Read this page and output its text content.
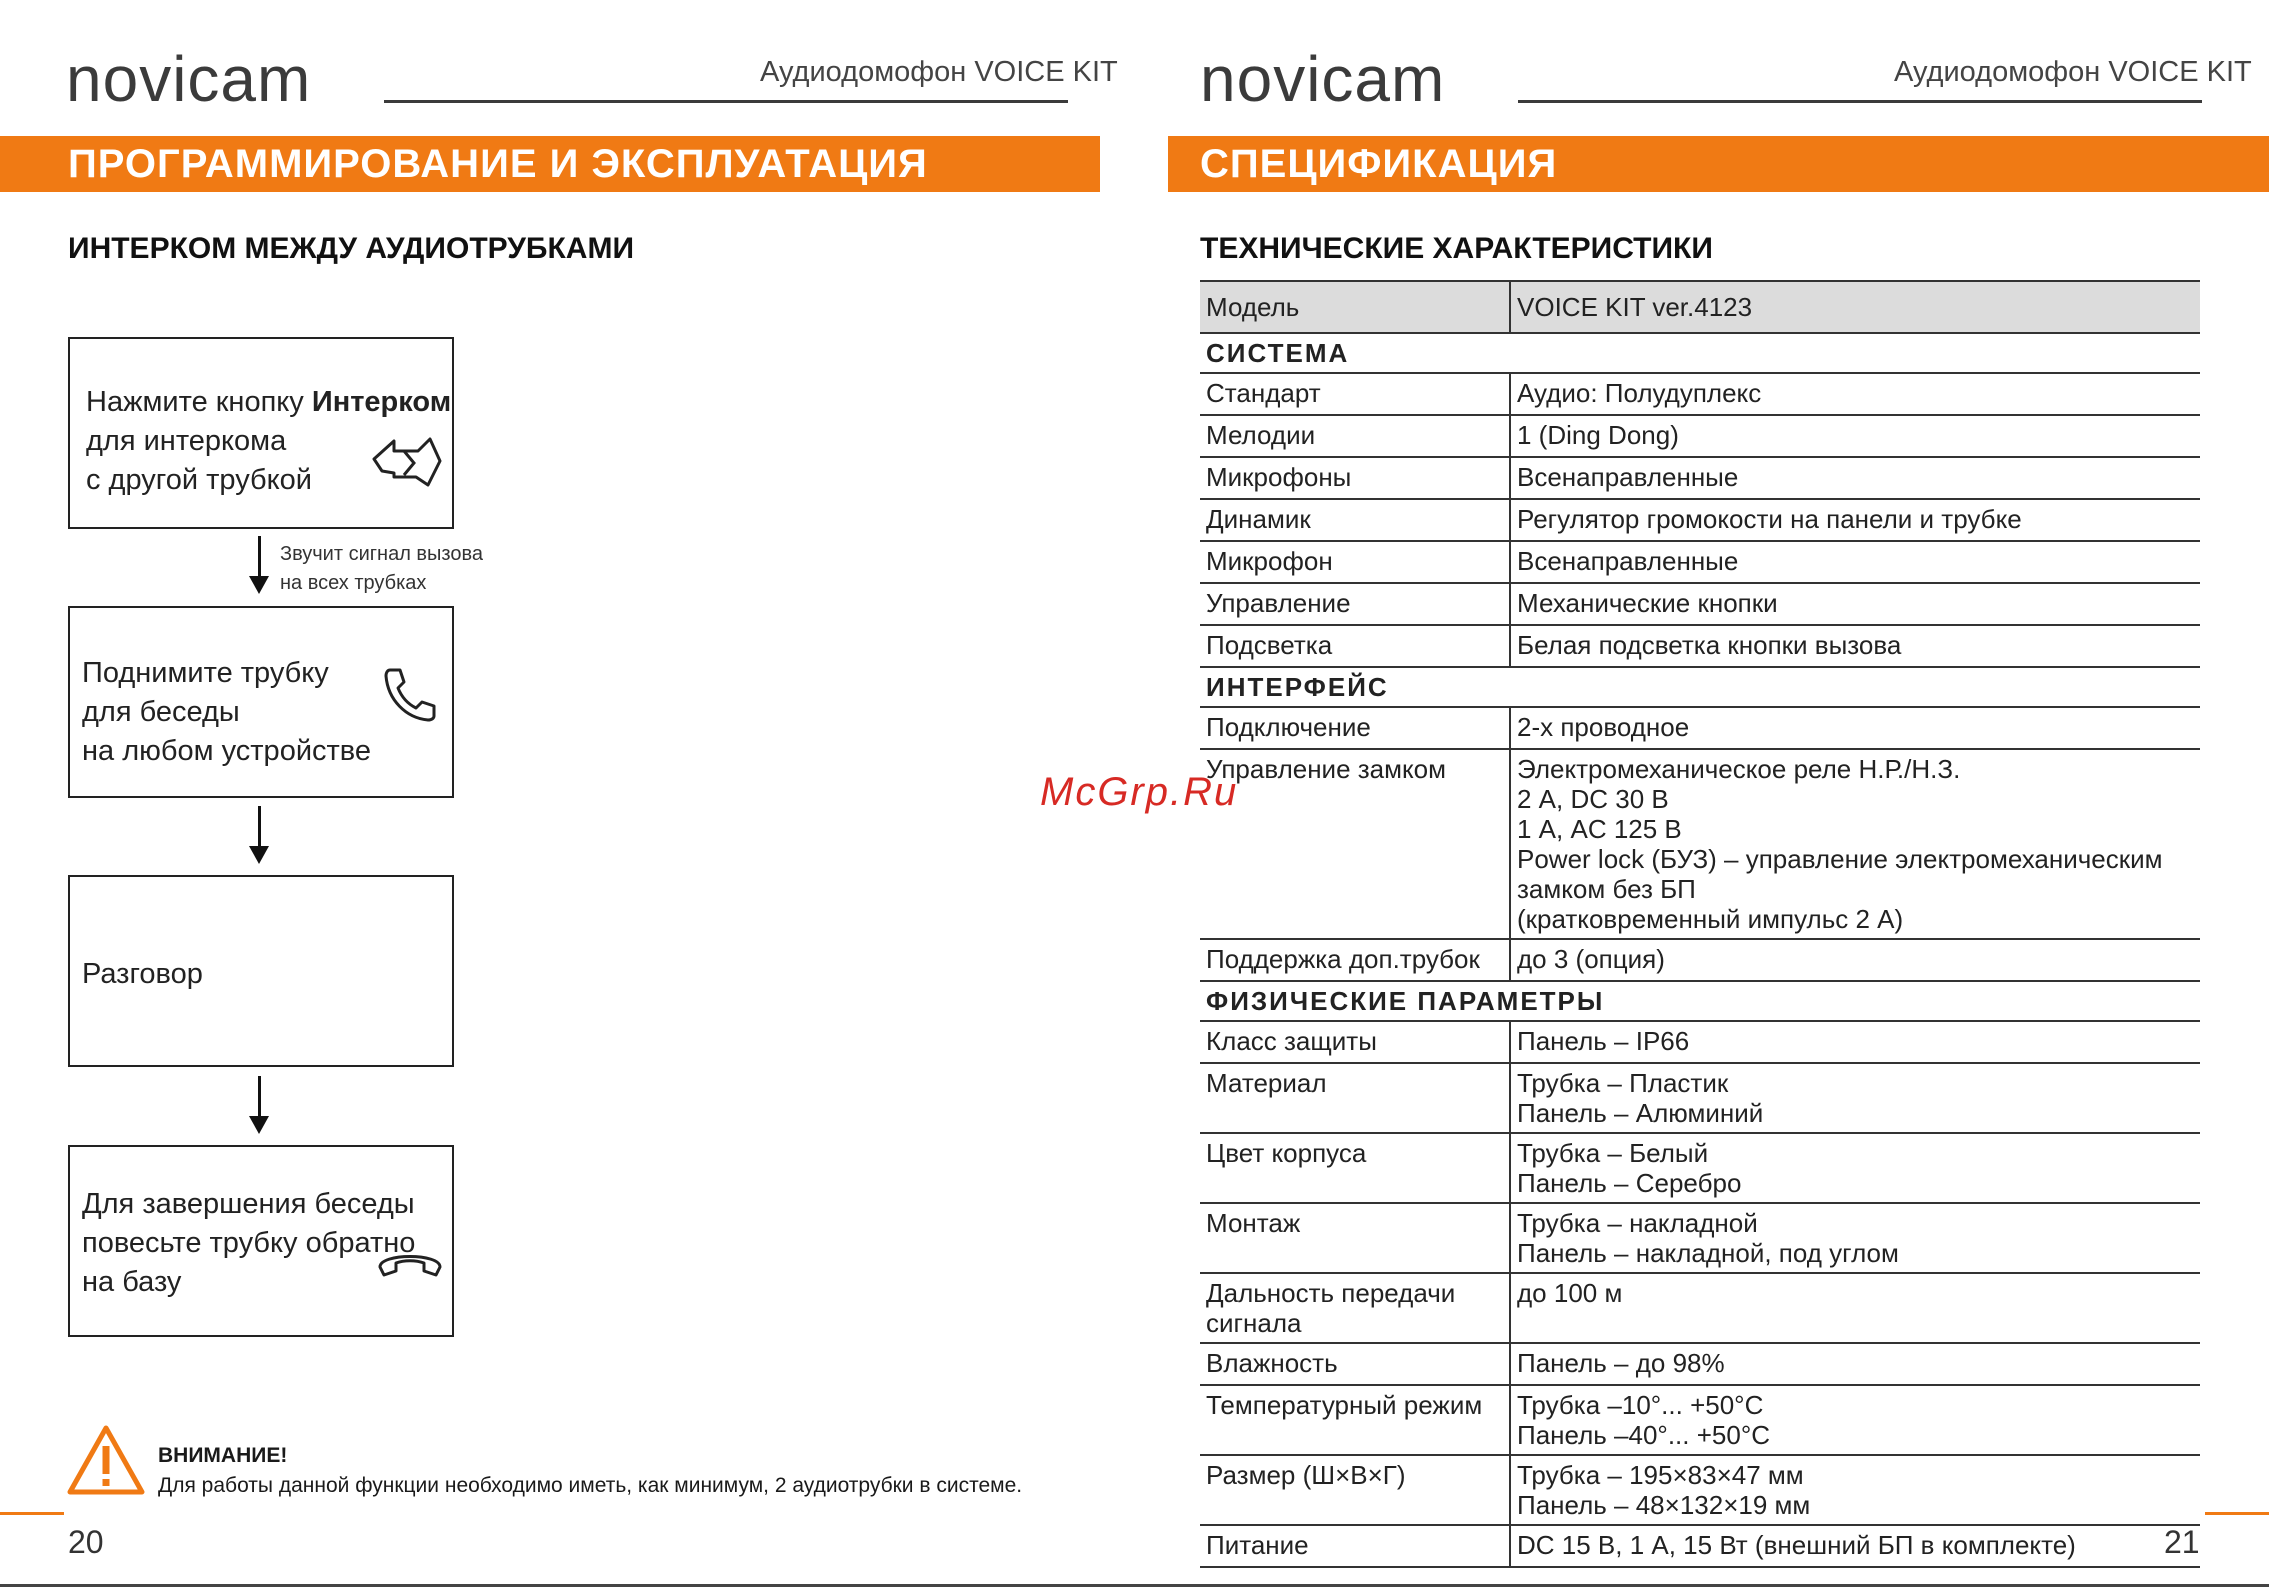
novicam	Аудиодомофон VOICE KIT
ПРОГРАММИРОВАНИЕ И ЭКСПЛУАТАЦИЯ
ИНТЕРКОМ МЕЖДУ АУДИОТРУБКАМИ
Нажмите кнопку Интерком
для интеркома
с другой трубкой
Звучит сигнал вызова
на всех трубках
Поднимите трубку
для беседы
на любом устройстве
Разговор
Для завершения беседы
повесьте трубку обратно
на базу
ВНИМАНИЕ!
Для работы данной функции необходимо иметь, как минимум, 2 аудиотрубки в системе.
20
novicam	Аудиодомофон VOICE KIT
СПЕЦИФИКАЦИЯ
ТЕХНИЧЕСКИЕ ХАРАКТЕРИСТИКИ
21
Модель	VOICE KIT ver.4123
СИСТЕМА	
Стандарт	Аудио: Полудуплекс

Мелодии	1 (Ding Dong)

Микрофоны	Всенаправленные

Динамик	Регулятор громокости на панели и трубке

Микрофон	Всенаправленные

Управление	Механические кнопки

Подсветка	Белая подсветка кнопки вызова

ИНТЕРФЕЙС	
Подключение	2-х проводное

Управление замком	Электромеханическое реле Н.Р./Н.З.
2 А, DC 30 В
1 А, AC 125 В
Power lock (БУЗ) – управление электромеханическим замком без БП
(кратковременный импульс 2 А)

Поддержка доп.трубок	до 3 (опция)

ФИЗИЧЕСКИЕ ПАРАМЕТРЫ	
Класс защиты	Панель – IP66

Материал	Трубка – Пластик
Панель – Алюминий

Цвет корпуса	Трубка – Белый
Панель – Серебро

Монтаж	Трубка – накладной
Панель – накладной, под углом

Дальность передачи сигнала	до 100 м

Влажность	Панель – до 98%

Температурный режим	Трубка –10°... +50°С
Панель –40°... +50°С

Размер (Ш×В×Г)	Трубка – 195×83×47 мм
Панель – 48×132×19 мм

Питание	DC 15 В, 1 А, 15 Вт (внешний БП в комплекте)
McGrp.Ru
